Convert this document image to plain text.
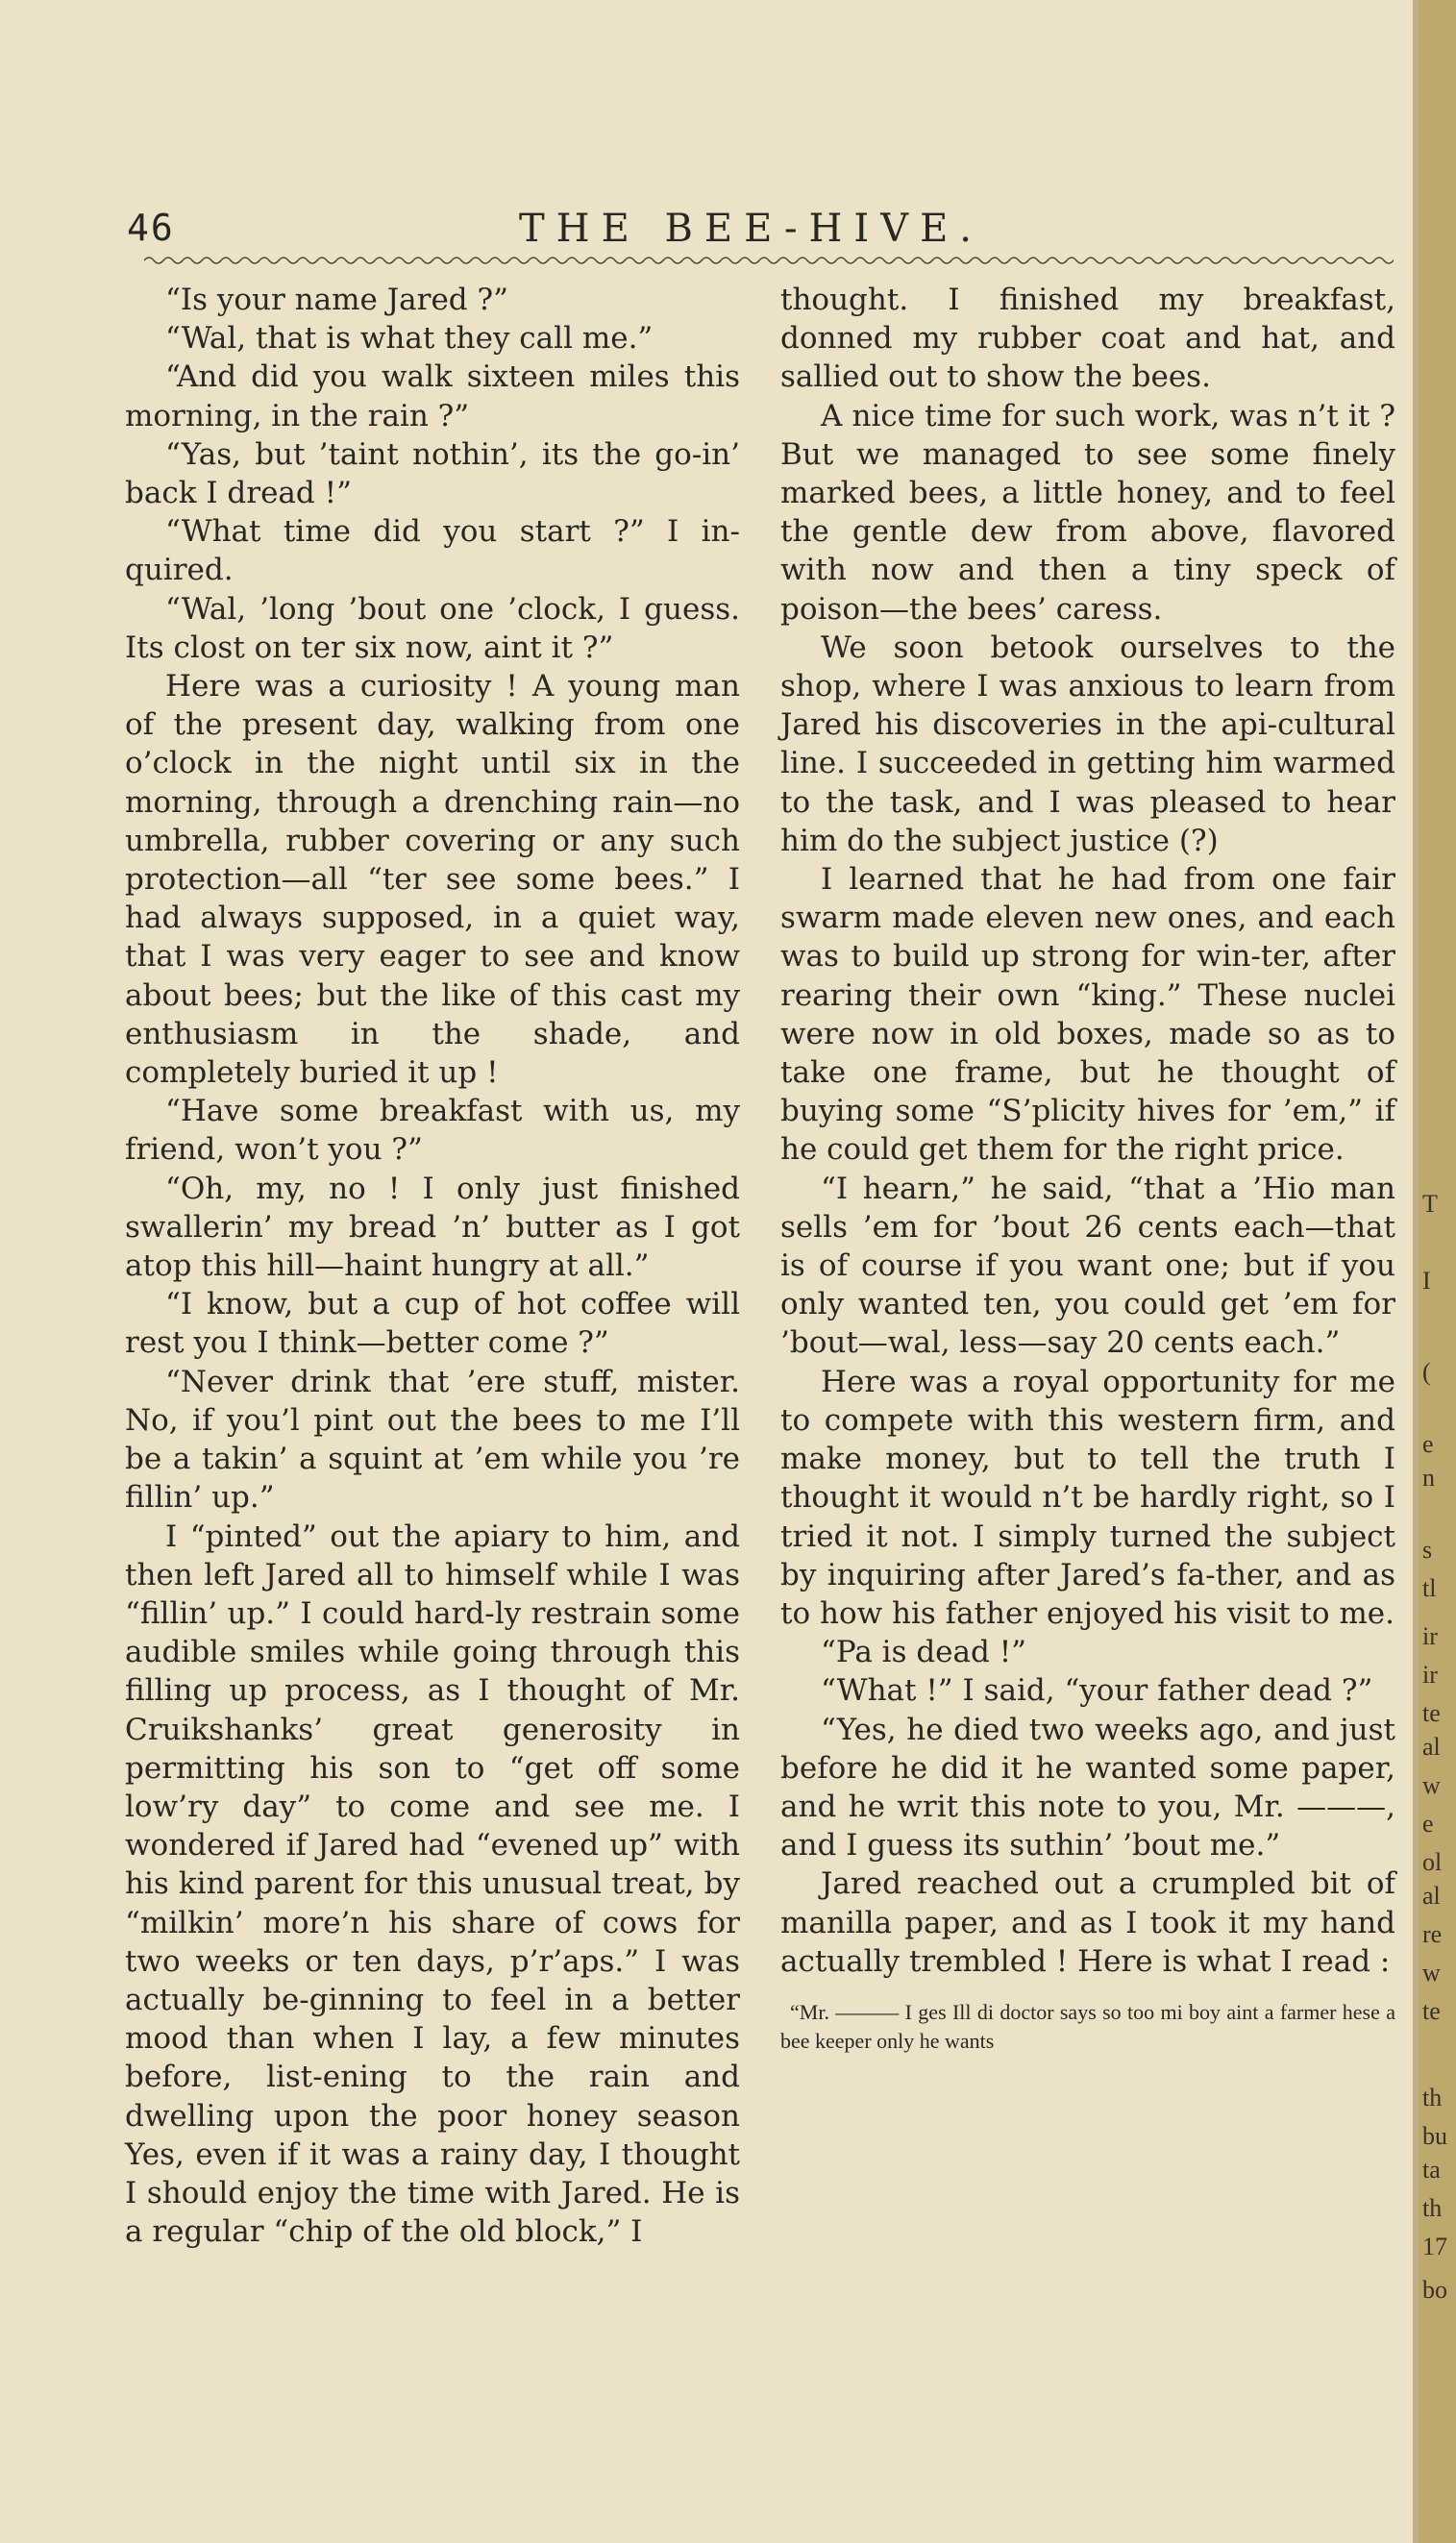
46	THE BEE-HIVE.

“Is your name Jared ?”

“Wal, that is what they call me.”

“And did you walk sixteen miles this morning, in the rain ?”

“Yas, but ’taint nothin’, its the go-in’ back I dread !”

“What time did you start ?” I in-quired.

“Wal, ’long ’bout one ’clock, I guess. Its clost on ter six now, aint it ?”

Here was a curiosity ! A young man of the present day, walking from one o’clock in the night until six in the morning, through a drenching rain—no umbrella, rubber covering or any such protection—all “ter see some bees.” I had always supposed, in a quiet way, that I was very eager to see and know about bees; but the like of this cast my enthusiasm in the shade, and completely buried it up !

“Have some breakfast with us, my friend, won’t you ?”

“Oh, my, no ! I only just finished swallerin’ my bread ’n’ butter as I got atop this hill—haint hungry at all.”

“I know, but a cup of hot coffee will rest you I think—better come ?”

“Never drink that ’ere stuff, mister. No, if you’l pint out the bees to me I’ll be a takin’ a squint at ’em while you ’re fillin’ up.”

I “pinted” out the apiary to him, and then left Jared all to himself while I was “fillin’ up.” I could hard-ly restrain some audible smiles while going through this filling up process, as I thought of Mr. Cruikshanks’ great generosity in permitting his son to “get off some low’ry day” to come and see me. I wondered if Jared had “evened up” with his kind parent for this unusual treat, by “milkin’ more’n his share of cows for two weeks or ten days, p’r’aps.” I was actually be-ginning to feel in a better mood than when I lay, a few minutes before, list-ening to the rain and dwelling upon the poor honey season Yes, even if it was a rainy day, I thought I should enjoy the time with Jared. He is a regular “chip of the old block,” I

thought. I finished my breakfast, donned my rubber coat and hat, and sallied out to show the bees.

A nice time for such work, was n’t it ? But we managed to see some finely marked bees, a little honey, and to feel the gentle dew from above, flavored with now and then a tiny speck of poison—the bees’ caress.

We soon betook ourselves to the shop, where I was anxious to learn from Jared his discoveries in the api-cultural line. I succeeded in getting him warmed to the task, and I was pleased to hear him do the subject justice (?)

I learned that he had from one fair swarm made eleven new ones, and each was to build up strong for win-ter, after rearing their own “king.” These nuclei were now in old boxes, made so as to take one frame, but he thought of buying some “S’plicity hives for ’em,” if he could get them for the right price.

“I hearn,” he said, “that a ’Hio man sells ’em for ’bout 26 cents each—that is of course if you want one; but if you only wanted ten, you could get ’em for ’bout—wal, less—say 20 cents each.”

Here was a royal opportunity for me to compete with this western firm, and make money, but to tell the truth I thought it would n’t be hardly right, so I tried it not. I simply turned the subject by inquiring after Jared’s fa-ther, and as to how his father enjoyed his visit to me.

“Pa is dead !”

“What !” I said, “your father dead ?”

“Yes, he died two weeks ago, and just before he did it he wanted some paper, and he writ this note to you, Mr. ———, and I guess its suthin’ ’bout me.”

Jared reached out a crumpled bit of manilla paper, and as I took it my hand actually trembled ! Here is what I read :

“Mr. ——— I ges Ill di doctor says so too mi boy aint a farmer hese a bee keeper only he wants

T
I
(
e
n
s
tl
ir
ir
te
al
w
e
ol
al
re
w
te
th
bu
ta
th
17
bo
